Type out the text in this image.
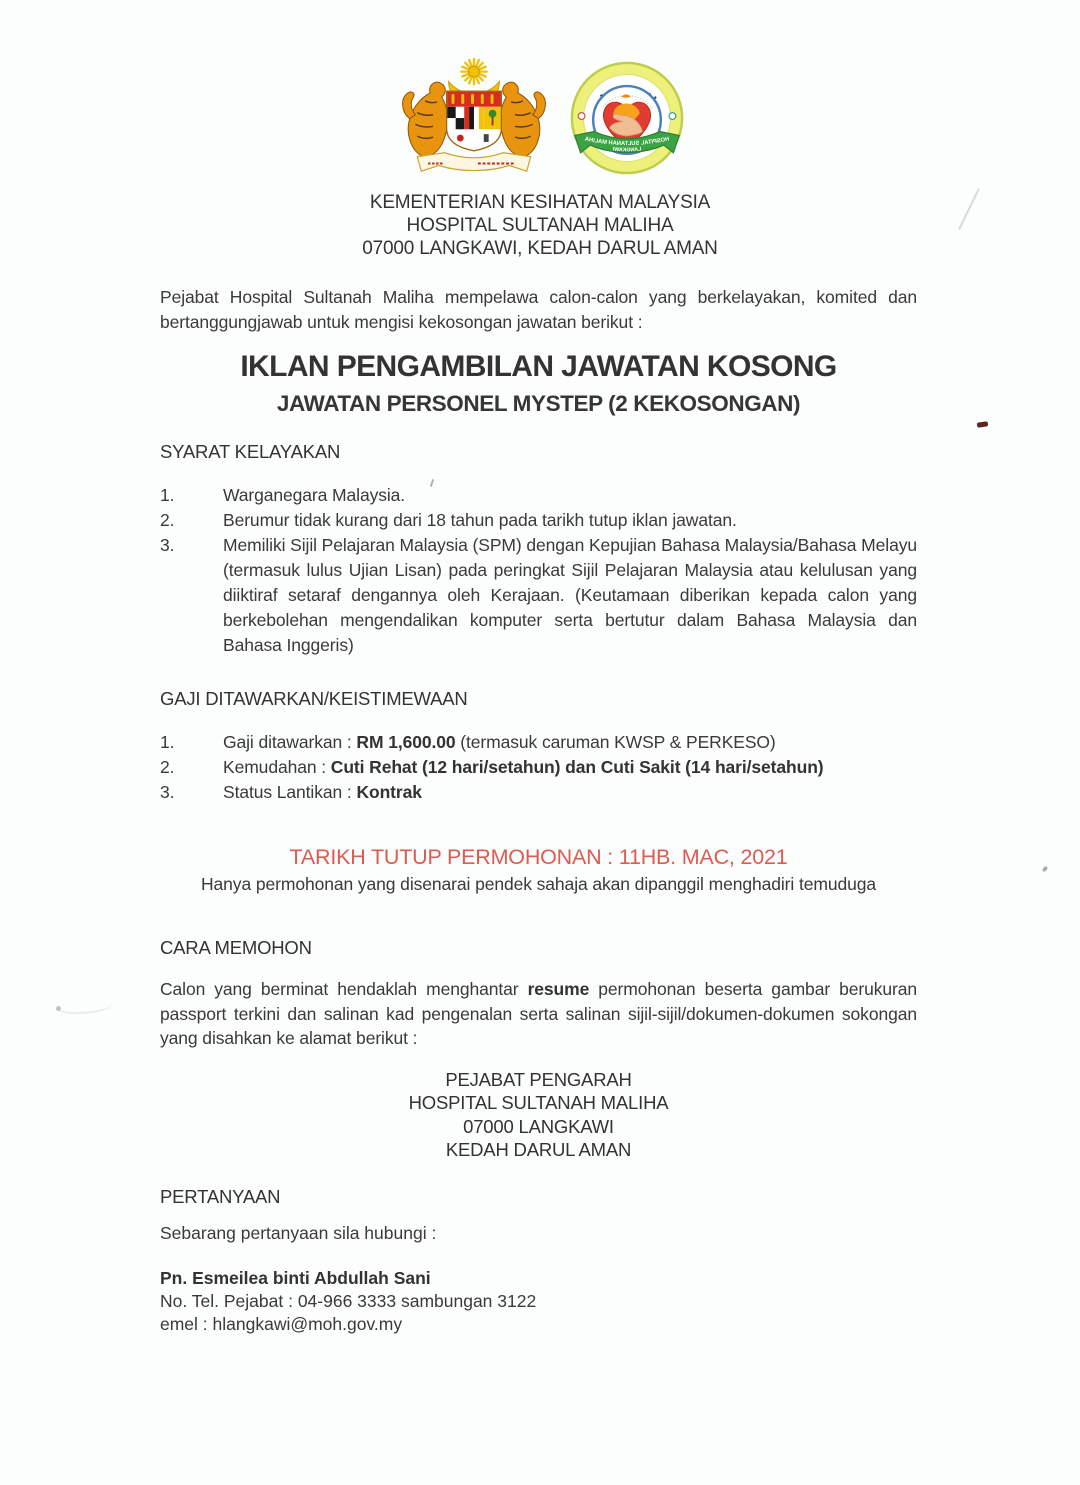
HOSPITAL SULTANAH MALIHA
LANGKAWI
KEMENTERIAN KESIHATAN MALAYSIA
HOSPITAL SULTANAH MALIHA
07000 LANGKAWI, KEDAH DARUL AMAN

Pejabat Hospital Sultanah Maliha mempelawa calon-calon yang berkelayakan, komited dan bertanggungjawab untuk mengisi kekosongan jawatan berikut :

IKLAN PENGAMBILAN JAWATAN KOSONG
JAWATAN PERSONEL MYSTEP (2 KEKOSONGAN)
SYARAT KELAYAKAN
1.	Warganegara Malaysia.
2.	Berumur tidak kurang dari 18 tahun pada tarikh tutup iklan jawatan.
3.	Memiliki Sijil Pelajaran Malaysia (SPM) dengan Kepujian Bahasa Malaysia/Bahasa Melayu (termasuk lulus Ujian Lisan) pada peringkat Sijil Pelajaran Malaysia atau kelulusan yang diiktiraf setaraf dengannya oleh Kerajaan. (Keutamaan diberikan kepada calon yang berkebolehan mengendalikan komputer serta bertutur dalam Bahasa Malaysia dan Bahasa Inggeris)
GAJI DITAWARKAN/KEISTIMEWAAN
1.	Gaji ditawarkan : RM 1,600.00 (termasuk caruman KWSP & PERKESO)
2.	Kemudahan : Cuti Rehat (12 hari/setahun) dan Cuti Sakit (14 hari/setahun)
3.	Status Lantikan : Kontrak
TARIKH TUTUP PERMOHONAN : 11HB. MAC, 2021
Hanya permohonan yang disenarai pendek sahaja akan dipanggil menghadiri temuduga
CARA MEMOHON

Calon yang berminat hendaklah menghantar resume permohonan beserta gambar berukuran passport terkini dan salinan kad pengenalan serta salinan sijil-sijil/dokumen-dokumen sokongan yang disahkan ke alamat berikut :

PEJABAT PENGARAH
HOSPITAL SULTANAH MALIHA
07000 LANGKAWI
KEDAH DARUL AMAN
PERTANYAAN

Sebarang pertanyaan sila hubungi :

Pn. Esmeilea binti Abdullah Sani
No. Tel. Pejabat : 04-966 3333 sambungan 3122
emel : hlangkawi@moh.gov.my
